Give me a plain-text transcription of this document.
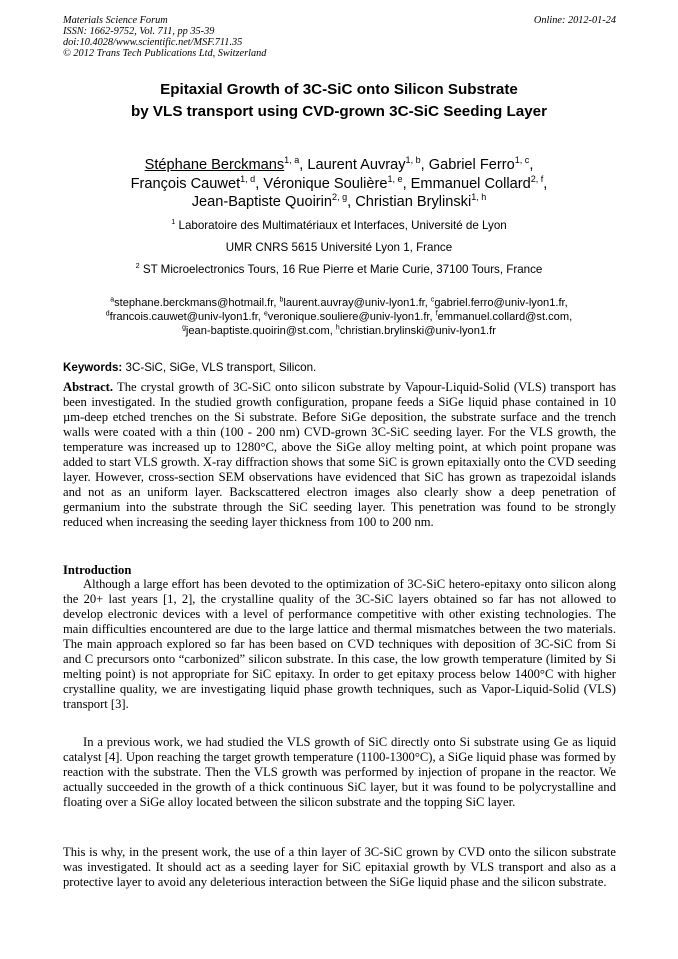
Materials Science Forum
ISSN: 1662-9752, Vol. 711, pp 35-39
doi:10.4028/www.scientific.net/MSF.711.35
© 2012 Trans Tech Publications Ltd, Switzerland
Online: 2012-01-24
Epitaxial Growth of 3C-SiC onto Silicon Substrate
by VLS transport using CVD-grown 3C-SiC Seeding Layer
Stéphane Berckmans$^{1, a}$, Laurent Auvray$^{1, b}$, Gabriel Ferro$^{1, c}$,
François Cauwet$^{1, d}$, Véronique Soulière$^{1, e}$, Emmanuel Collard$^{2, f}$,
Jean-Baptiste Quoirin$^{2, g}$, Christian Brylinski$^{1, h}$
$^1$ Laboratoire des Multimatériaux et Interfaces, Université de Lyon
UMR CNRS 5615 Université Lyon 1, France
$^2$ ST Microelectronics Tours, 16 Rue Pierre et Marie Curie, 37100 Tours, France
$^a$stephane.berckmans@hotmail.fr, $^b$laurent.auvray@univ-lyon1.fr, $^c$gabriel.ferro@univ-lyon1.fr,
$^d$francois.cauwet@univ-lyon1.fr, $^e$veronique.souliere@univ-lyon1.fr, $^f$emmanuel.collard@st.com,
$^g$jean-baptiste.quoirin@st.com, $^h$christian.brylinski@univ-lyon1.fr
Keywords: 3C-SiC, SiGe, VLS transport, Silicon.

Abstract. The crystal growth of 3C-SiC onto silicon substrate by Vapour-Liquid-Solid (VLS) transport has been investigated. In the studied growth configuration, propane feeds a SiGe liquid phase contained in 10 µm-deep etched trenches on the Si substrate. Before SiGe deposition, the substrate surface and the trench walls were coated with a thin (100 - 200 nm) CVD-grown 3C-SiC seeding layer. For the VLS growth, the temperature was increased up to 1280°C, above the SiGe alloy melting point, at which point propane was added to start VLS growth. X-ray diffraction shows that some SiC is grown epitaxially onto the CVD seeding layer. However, cross-section SEM observations have evidenced that SiC has grown as trapezoidal islands and not as an uniform layer. Backscattered electron images also clearly show a deep penetration of germanium into the substrate through the SiC seeding layer. This penetration was found to be strongly reduced when increasing the seeding layer thickness from 100 to 200 nm.

Introduction

Although a large effort has been devoted to the optimization of 3C-SiC hetero-epitaxy onto silicon along the 20+ last years [1, 2], the crystalline quality of the 3C-SiC layers obtained so far has not allowed to develop electronic devices with a level of performance competitive with other existing technologies. The main difficulties encountered are due to the large lattice and thermal mismatches between the two materials. The main approach explored so far has been based on CVD techniques with deposition of 3C-SiC from Si and C precursors onto “carbonized” silicon substrate. In this case, the low growth temperature (limited by Si melting point) is not appropriate for SiC epitaxy. In order to get epitaxy process below 1400°C with higher crystalline quality, we are investigating liquid phase growth techniques, such as Vapor-Liquid-Solid (VLS) transport [3].

In a previous work, we had studied the VLS growth of SiC directly onto Si substrate using Ge as liquid catalyst [4]. Upon reaching the target growth temperature (1100-1300°C), a SiGe liquid phase was formed by reaction with the substrate. Then the VLS growth was performed by injection of propane in the reactor. We actually succeeded in the growth of a thick continuous SiC layer, but it was found to be polycrystalline and floating over a SiGe alloy located between the silicon substrate and the topping SiC layer.

This is why, in the present work, the use of a thin layer of 3C-SiC grown by CVD onto the silicon substrate was investigated. It should act as a seeding layer for SiC epitaxial growth by VLS transport and also as a protective layer to avoid any deleterious interaction between the SiGe liquid phase and the silicon substrate.
